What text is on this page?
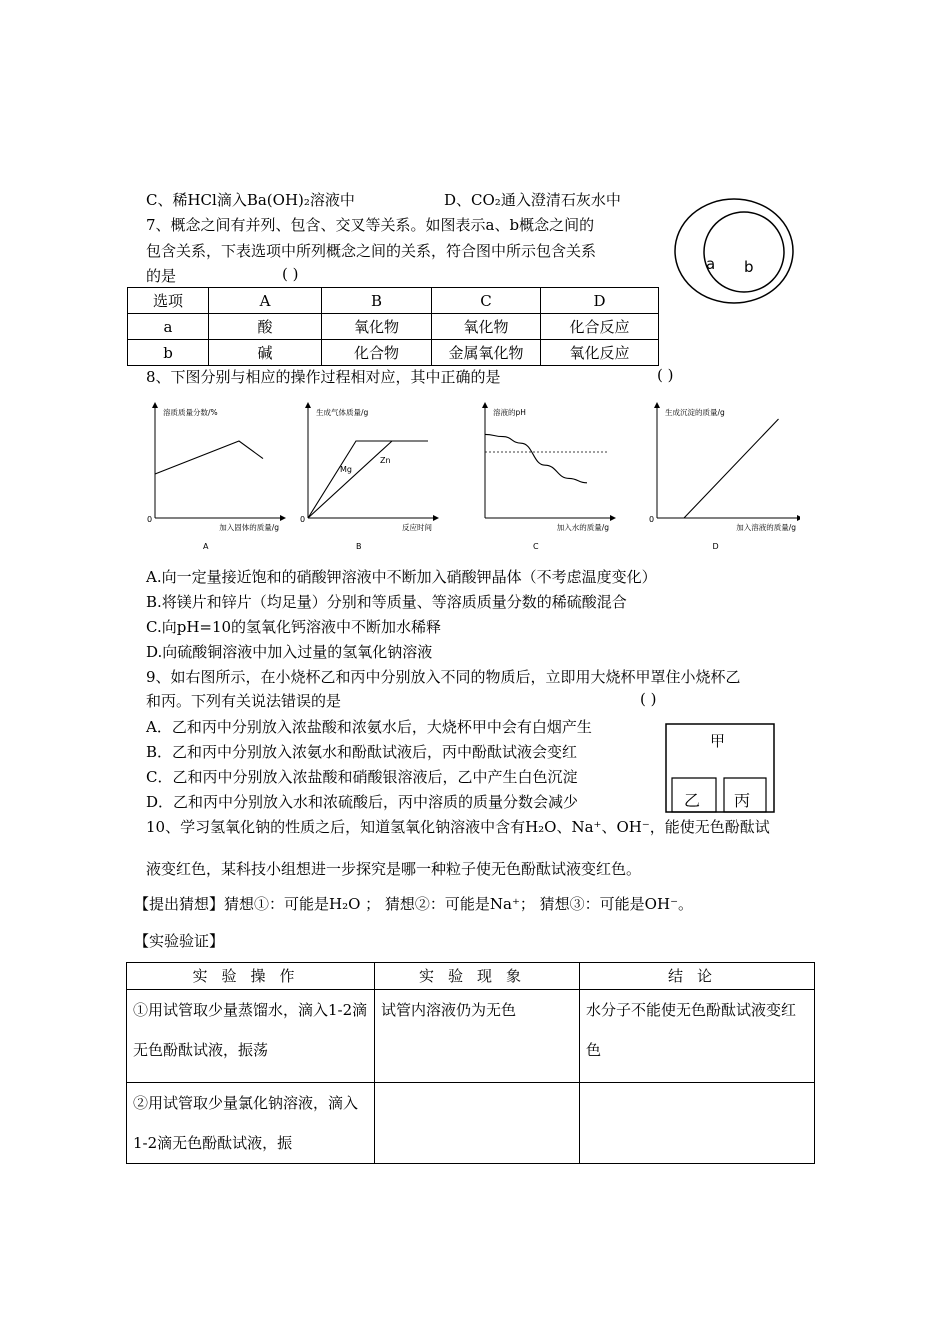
C、稀HCl滴入Ba(OH)₂溶液中	D、CO₂通入澄清石灰水中
7、概念之间有并列、包含、交叉等关系。如图表示a、b概念之间的
包含关系，下表选项中所列概念之间的关系，符合图中所示包含关系
的是	( )
a b
选项	A	B	C	D
a	酸	氧化物	氧化物	化合反应
b	碱	化合物	金属氧化物	氧化反应
8、下图分别与相应的操作过程相对应，其中正确的是	( )
溶质质量分数/%
加入固体的质量/g
0
A
生成气体质量/g
反应时间
0
B
Mg
Zn
溶液的pH
加入水的质量/g
C
生成沉淀的质量/g
加入溶液的质量/g
0
D
A.向一定量接近饱和的硝酸钾溶液中不断加入硝酸钾晶体（不考虑温度变化）
B.将镁片和锌片（均足量）分别和等质量、等溶质质量分数的稀硫酸混合
C.向pH=10的氢氧化钙溶液中不断加水稀释
D.向硫酸铜溶液中加入过量的氢氧化钠溶液
9、如右图所示，在小烧杯乙和丙中分别放入不同的物质后，立即用大烧杯甲罩住小烧杯乙
和丙。下列有关说法错误的是	( )
A．乙和丙中分别放入浓盐酸和浓氨水后，大烧杯甲中会有白烟产生
B．乙和丙中分别放入浓氨水和酚酞试液后，丙中酚酞试液会变红
C．乙和丙中分别放入浓盐酸和硝酸银溶液后，乙中产生白色沉淀
D．乙和丙中分别放入水和浓硫酸后，丙中溶质的质量分数会减少
甲
乙 丙
10、学习氢氧化钠的性质之后，知道氢氧化钠溶液中含有H₂O、Na⁺、OH⁻，能使无色酚酞试
液变红色，某科技小组想进一步探究是哪一种粒子使无色酚酞试液变红色。
【提出猜想】猜想①：可能是H₂O ； 猜想②：可能是Na⁺； 猜想③：可能是OH⁻。
【实验验证】
实验操作	实验现象	结论
①用试管取少量蒸馏水，滴入1-2滴无色酚酞试液，振荡	试管内溶液仍为无色	水分子不能使无色酚酞试液变红色
②用试管取少量氯化钠溶液，滴入1-2滴无色酚酞试液，振		
